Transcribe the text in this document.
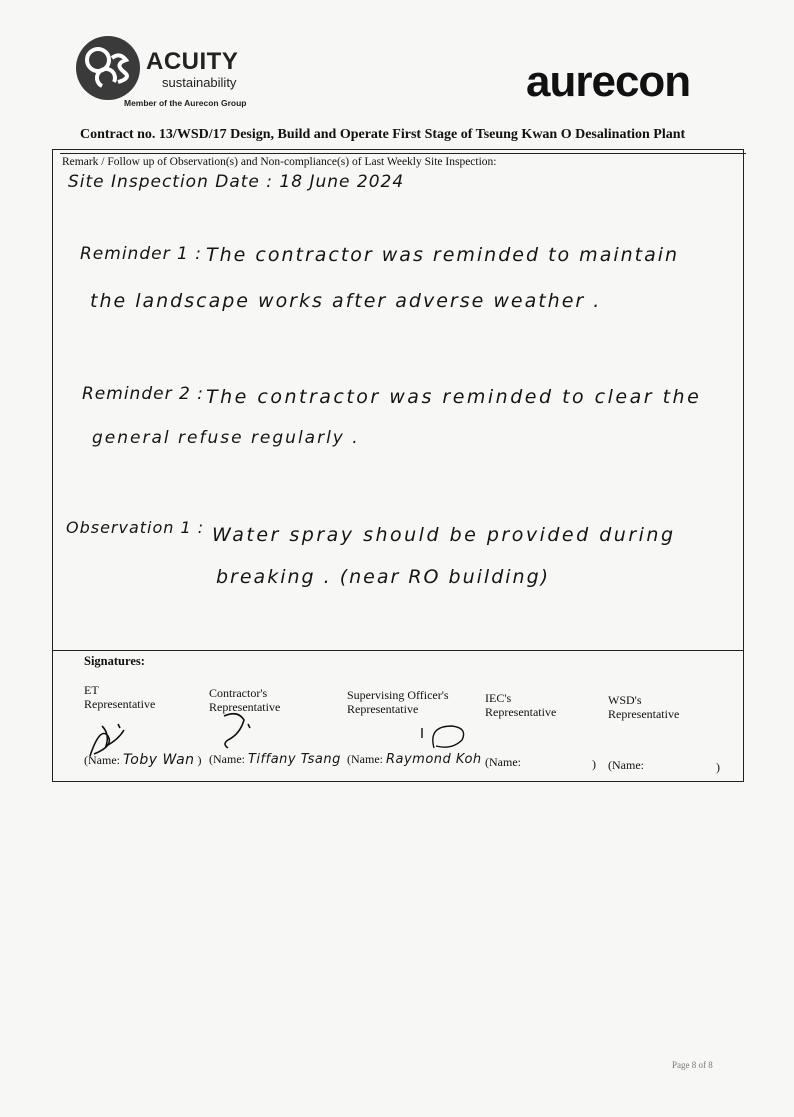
ACUITY
sustainability
Member of the Aurecon Group	aurecon
Contract no. 13/WSD/17 Design, Build and Operate First Stage of Tseung Kwan O Desalination Plant
Remark / Follow up of Observation(s) and Non-compliance(s) of Last Weekly Site Inspection:
Site Inspection Date : 18 June 2024
Reminder 1 : The contractor was reminded to maintain
the landscape works after adverse weather .
Reminder 2 : The contractor was reminded to clear the
general refuse regularly .
Observation 1 : Water spray should be provided during
breaking . (near RO building)
Signatures:
ET
Representative
(Name: Toby Wan )
Contractor's
Representative
(Name: Tiffany Tsang
Supervising Officer's
Representative
(Name: Raymond Koh
IEC's
Representative
(Name:	)
WSD's
Representative
(Name:	)
Page 8 of 8
